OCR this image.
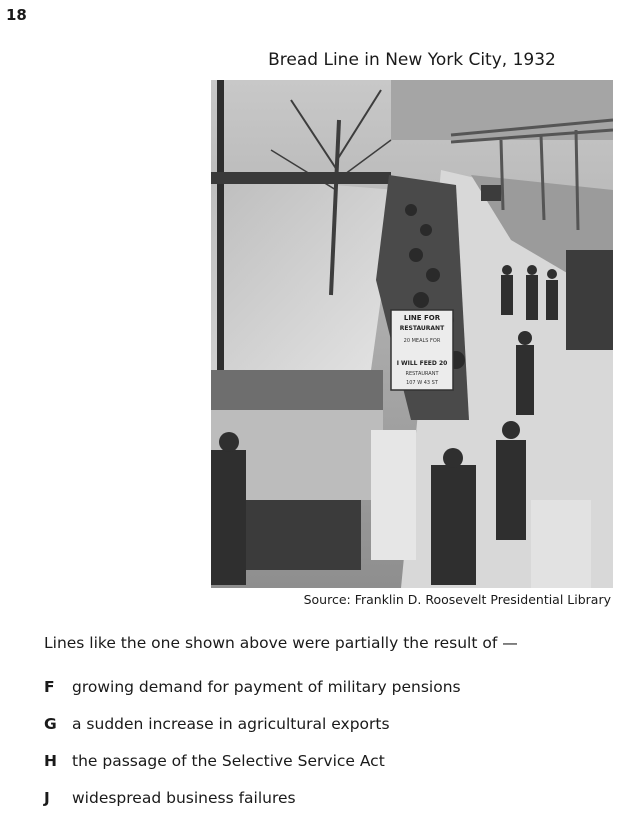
18
Bread Line in New York City, 1932
LINE FOR
RESTAURANT
20 MEALS FOR
I WILL FEED 20
RESTAURANT
107 W 43 ST
Source: Franklin D. Roosevelt Presidential Library
Lines like the one shown above were partially the result of —
F	growing demand for payment of military pensions
G a sudden increase in agricultural exports
H the passage of the Selective Service Act
J	widespread business failures
